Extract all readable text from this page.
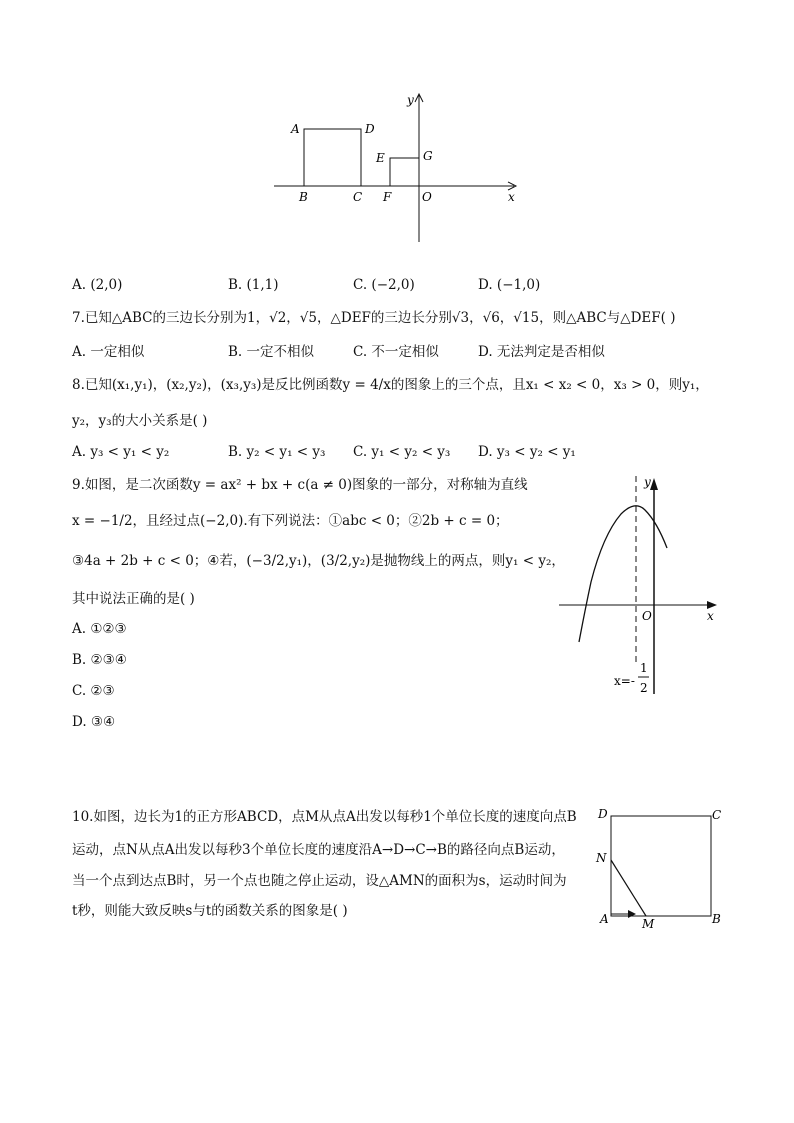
A	D
B	C
E	G
F	O	x
y
A. (2,0)	B. (1,1)	C. (−2,0)	D. (−1,0)
7.已知△ABC的三边长分别为1，√2，√5，△DEF的三边长分别√3，√6，√15，则△ABC与△DEF( )
A. 一定相似	B. 一定不相似	C. 不一定相似	D. 无法判定是否相似
8.已知(x₁,y₁)，(x₂,y₂)，(x₃,y₃)是反比例函数y = 4/x的图象上的三个点，且x₁ < x₂ < 0，x₃ > 0，则y₁，
y₂，y₃的大小关系是( )
A. y₃ < y₁ < y₂	B. y₂ < y₁ < y₃ C. y₁ < y₂ < y₃ D. y₃ < y₂ < y₁
9.如图，是二次函数y = ax² + bx + c(a ≠ 0)图象的一部分，对称轴为直线
x = −1/2，且经过点(−2,0).有下列说法：①abc < 0；②2b + c = 0；
③4a + 2b + c < 0；④若，(−3/2,y₁)，(3/2,y₂)是抛物线上的两点，则y₁ < y₂，
其中说法正确的是( )
A. ①②③
B. ②③④
C. ②③
D. ③④
y
O	x
x=-
1
2
10.如图，边长为1的正方形ABCD，点M从点A出发以每秒1个单位长度的速度向点B
运动，点N从点A出发以每秒3个单位长度的速度沿A→D→C→B的路径向点B运动，
当一个点到达点B时，另一个点也随之停止运动，设△AMN的面积为s，运动时间为
t秒，则能大致反映s与t的函数关系的图象是( )
D	C
N
A	M	B
